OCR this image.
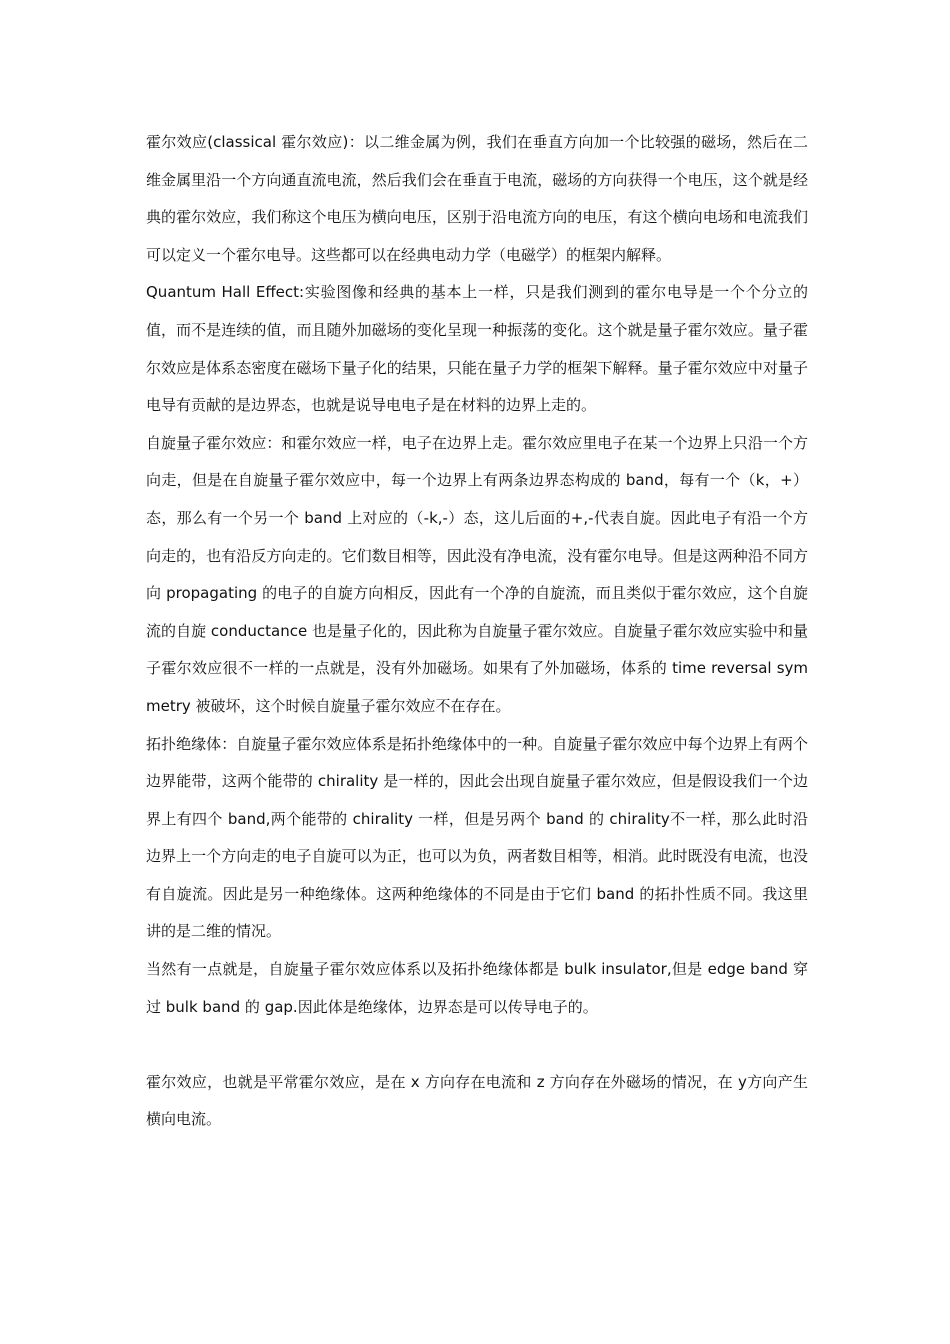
霍尔效应(classical 霍尔效应)：以二维金属为例，我们在垂直方向加一个比较强的磁场，然后在二维金属里沿一个方向通直流电流，然后我们会在垂直于电流，磁场的方向获得一个电压，这个就是经典的霍尔效应，我们称这个电压为横向电压，区别于沿电流方向的电压，有这个横向电场和电流我们可以定义一个霍尔电导。这些都可以在经典电动力学（电磁学）的框架内解释。

Quantum Hall Effect:实验图像和经典的基本上一样，只是我们测到的霍尔电导是一个个分立的值，而不是连续的值，而且随外加磁场的变化呈现一种振荡的变化。这个就是量子霍尔效应。量子霍尔效应是体系态密度在磁场下量子化的结果，只能在量子力学的框架下解释。量子霍尔效应中对量子电导有贡献的是边界态，也就是说导电电子是在材料的边界上走的。

自旋量子霍尔效应：和霍尔效应一样，电子在边界上走。霍尔效应里电子在某一个边界上只沿一个方向走，但是在自旋量子霍尔效应中，每一个边界上有两条边界态构成的 band，每有一个（k，+）态，那么有一个另一个 band 上对应的（-k,-）态，这儿后面的+,-代表自旋。因此电子有沿一个方向走的，也有沿反方向走的。它们数目相等，因此没有净电流，没有霍尔电导。但是这两种沿不同方向 propagating 的电子的自旋方向相反，因此有一个净的自旋流，而且类似于霍尔效应，这个自旋流的自旋 conductance 也是量子化的，因此称为自旋量子霍尔效应。自旋量子霍尔效应实验中和量子霍尔效应很不一样的一点就是，没有外加磁场。如果有了外加磁场，体系的 time reversal symmetry 被破坏，这个时候自旋量子霍尔效应不在存在。

拓扑绝缘体：自旋量子霍尔效应体系是拓扑绝缘体中的一种。自旋量子霍尔效应中每个边界上有两个边界能带，这两个能带的 chirality 是一样的，因此会出现自旋量子霍尔效应，但是假设我们一个边界上有四个 band,两个能带的 chirality 一样，但是另两个 band 的 chirality不一样，那么此时沿边界上一个方向走的电子自旋可以为正，也可以为负，两者数目相等，相消。此时既没有电流，也没有自旋流。因此是另一种绝缘体。这两种绝缘体的不同是由于它们 band 的拓扑性质不同。我这里讲的是二维的情况。

当然有一点就是，自旋量子霍尔效应体系以及拓扑绝缘体都是 bulk insulator,但是 edge band 穿过 bulk band 的 gap.因此体是绝缘体，边界态是可以传导电子的。

霍尔效应，也就是平常霍尔效应，是在 x 方向存在电流和 z 方向存在外磁场的情况，在 y方向产生横向电流。
